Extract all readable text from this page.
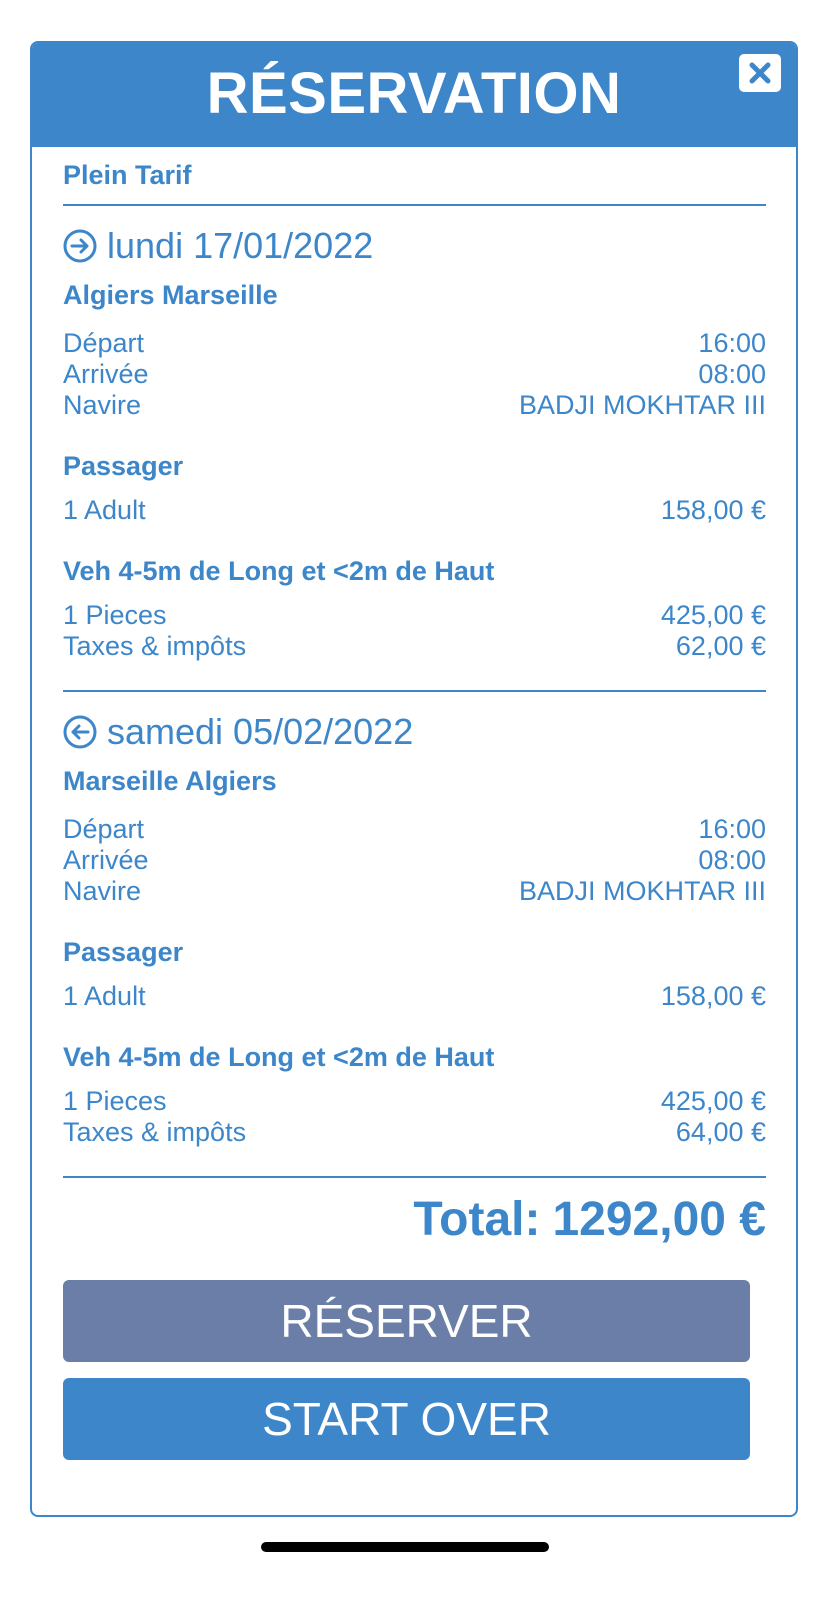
RÉSERVATION
Plein Tarif
lundi 17/01/2022
Algiers Marseille
Départ	16:00
Arrivée	08:00
Navire	BADJI MOKHTAR III
Passager
1 Adult	158,00 €
Veh 4-5m de Long et <2m de Haut
1 Pieces	425,00 €
Taxes & impôts	62,00 €
samedi 05/02/2022
Marseille Algiers
Départ	16:00
Arrivée	08:00
Navire	BADJI MOKHTAR III
Passager
1 Adult	158,00 €
Veh 4-5m de Long et <2m de Haut
1 Pieces	425,00 €
Taxes & impôts	64,00 €
Total: 1292,00 €
RÉSERVER
START OVER
